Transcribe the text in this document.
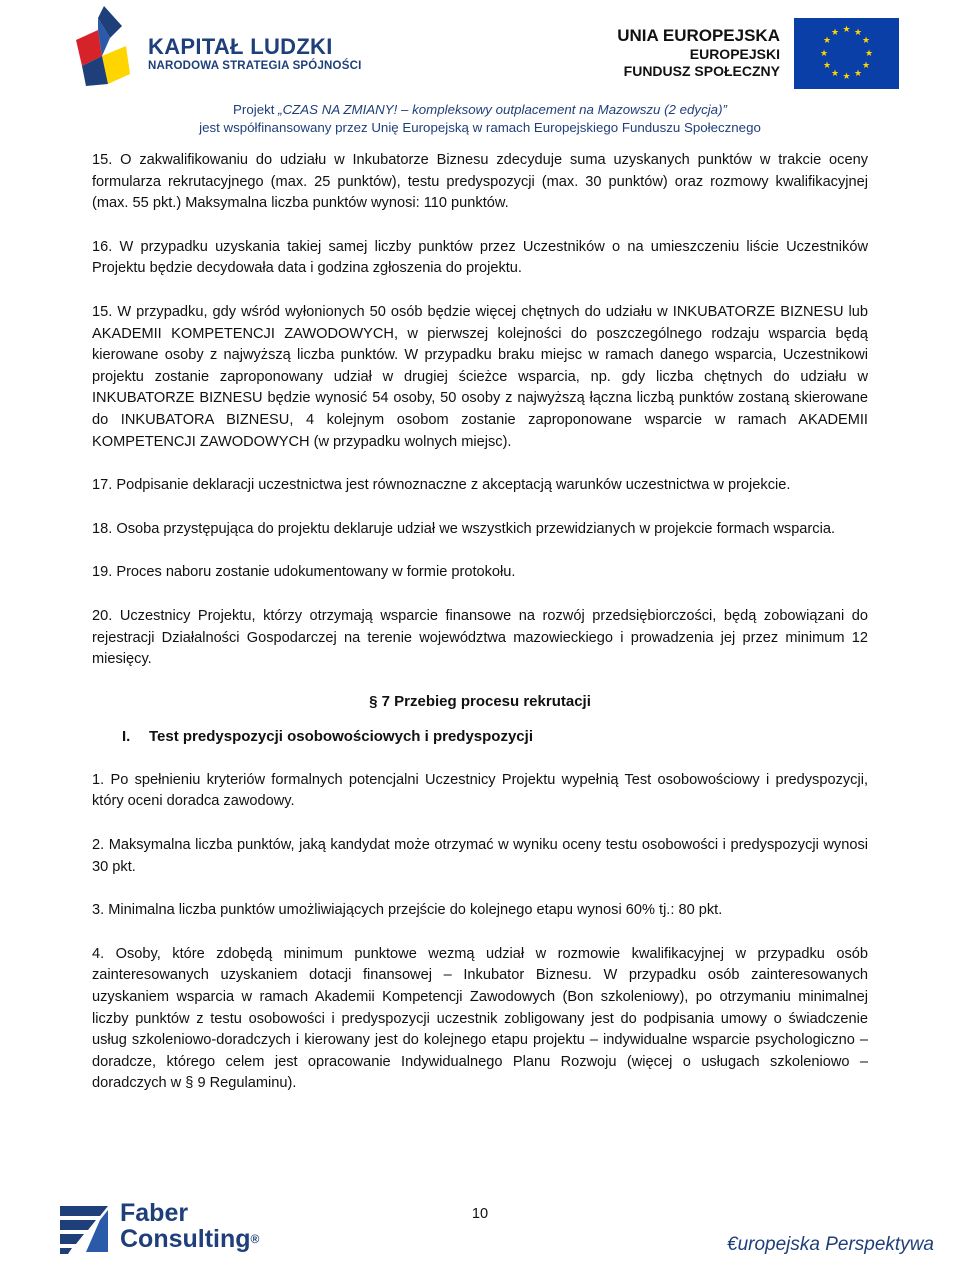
KAPITAŁ LUDZKI
NARODOWA STRATEGIA SPÓJNOŚCI
UNIA EUROPEJSKA
EUROPEJSKI
FUNDUSZ SPOŁECZNY
★ ★
★
★
★
★
★
★
★
★
★
★
Projekt „CZAS NA ZMIANY! – kompleksowy outplacement na Mazowszu (2 edycja)”
jest współfinansowany przez Unię Europejską w ramach Europejskiego Funduszu Społecznego

15. O zakwalifikowaniu do udziału w Inkubatorze Biznesu zdecyduje suma uzyskanych punktów w trakcie oceny formularza rekrutacyjnego (max. 25 punktów), testu predyspozycji (max. 30 punktów) oraz rozmowy kwalifikacyjnej (max. 55 pkt.) Maksymalna liczba punktów wynosi: 110 punktów.

16. W przypadku uzyskania takiej samej liczby punktów przez Uczestników o na umieszczeniu liście Uczestników Projektu będzie decydowała data i godzina zgłoszenia do projektu.

15. W przypadku, gdy wśród wyłonionych 50 osób będzie więcej chętnych do udziału w INKUBATORZE BIZNESU lub AKADEMII KOMPETENCJI ZAWODOWYCH, w pierwszej kolejności do poszczególnego rodzaju wsparcia będą kierowane osoby z najwyższą liczba punktów. W przypadku braku miejsc w ramach danego wsparcia, Uczestnikowi projektu zostanie zaproponowany udział w drugiej ścieżce wsparcia, np. gdy liczba chętnych do udziału w INKUBATORZE BIZNESU będzie wynosić 54 osoby, 50 osoby z najwyższą łączna liczbą punktów zostaną skierowane do INKUBATORA BIZNESU, 4 kolejnym osobom zostanie zaproponowane wsparcie w ramach AKADEMII KOMPETENCJI ZAWODOWYCH (w przypadku wolnych miejsc).

17. Podpisanie deklaracji uczestnictwa jest równoznaczne z akceptacją warunków uczestnictwa w projekcie.

18. Osoba przystępująca do projektu deklaruje udział we wszystkich przewidzianych w projekcie formach wsparcia.

19. Proces naboru zostanie udokumentowany w formie protokołu.

20. Uczestnicy Projektu, którzy otrzymają wsparcie finansowe na rozwój przedsiębiorczości, będą zobowiązani do rejestracji Działalności Gospodarczej na terenie województwa mazowieckiego i prowadzenia jej przez minimum 12 miesięcy.

§ 7 Przebieg procesu rekrutacji
I. Test predyspozycji osobowościowych i predyspozycji

1. Po spełnieniu kryteriów formalnych potencjalni Uczestnicy Projektu wypełnią Test osobowościowy i predyspozycji, który oceni doradca zawodowy.

2. Maksymalna liczba punktów, jaką kandydat może otrzymać w wyniku oceny testu osobowości i predyspozycji wynosi 30 pkt.

3. Minimalna liczba punktów umożliwiających przejście do kolejnego etapu wynosi 60% tj.: 80 pkt.

4. Osoby, które zdobędą minimum punktowe wezmą udział w rozmowie kwalifikacyjnej w przypadku osób zainteresowanych uzyskaniem dotacji finansowej – Inkubator Biznesu. W przypadku osób zainteresowanych uzyskaniem wsparcia w ramach Akademii Kompetencji Zawodowych (Bon szkoleniowy), po otrzymaniu minimalnej liczby punktów z testu osobowości i predyspozycji uczestnik zobligowany jest do podpisania umowy o świadczenie usług szkoleniowo-doradczych i kierowany jest do kolejnego etapu projektu – indywidualne wsparcie psychologiczno – doradcze, którego celem jest opracowanie Indywidualnego Planu Rozwoju (więcej o usługach szkoleniowo – doradczych w § 9 Regulaminu).

Faber
Consulting®
10
€uropejska Perspektywa
